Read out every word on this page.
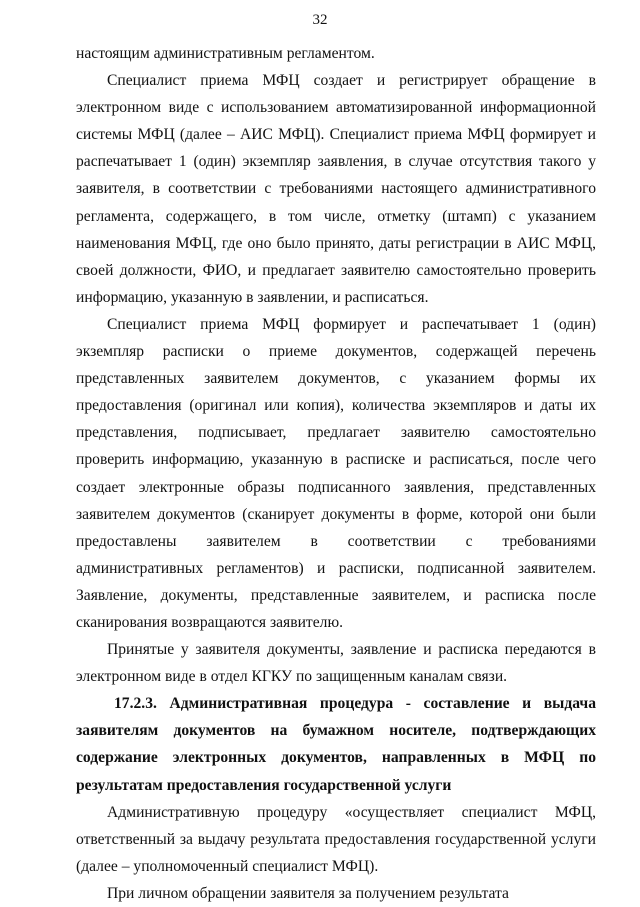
32

настоящим административным регламентом.

Специалист приема МФЦ создает и регистрирует обращение в электронном виде с использованием автоматизированной информационной системы МФЦ (далее – АИС МФЦ). Специалист приема МФЦ формирует и распечатывает 1 (один) экземпляр заявления, в случае отсутствия такого у заявителя, в соответствии с требованиями настоящего административного регламента, содержащего, в том числе, отметку (штамп) с указанием наименования МФЦ, где оно было принято, даты регистрации в АИС МФЦ, своей должности, ФИО, и предлагает заявителю самостоятельно проверить информацию, указанную в заявлении, и расписаться.

Специалист приема МФЦ формирует и распечатывает 1 (один) экземпляр расписки о приеме документов, содержащей перечень представленных заявителем документов, с указанием формы их предоставления (оригинал или копия), количества экземпляров и даты их представления, подписывает, предлагает заявителю самостоятельно проверить информацию, указанную в расписке и расписаться, после чего создает электронные образы подписанного заявления, представленных заявителем документов (сканирует документы в форме, которой они были предоставлены заявителем в соответствии с требованиями административных регламентов) и расписки, подписанной заявителем. Заявление, документы, представленные заявителем, и расписка после сканирования возвращаются заявителю.

Принятые у заявителя документы, заявление и расписка передаются в электронном виде в отдел КГКУ по защищенным каналам связи.

17.2.3. Административная процедура - составление и выдача заявителям документов на бумажном носителе, подтверждающих содержание электронных документов, направленных в МФЦ по результатам предоставления государственной услуги

Административную процедуру «осуществляет специалист МФЦ, ответственный за выдачу результата предоставления государственной услуги (далее – уполномоченный специалист МФЦ).

При личном обращении заявителя за получением результата
